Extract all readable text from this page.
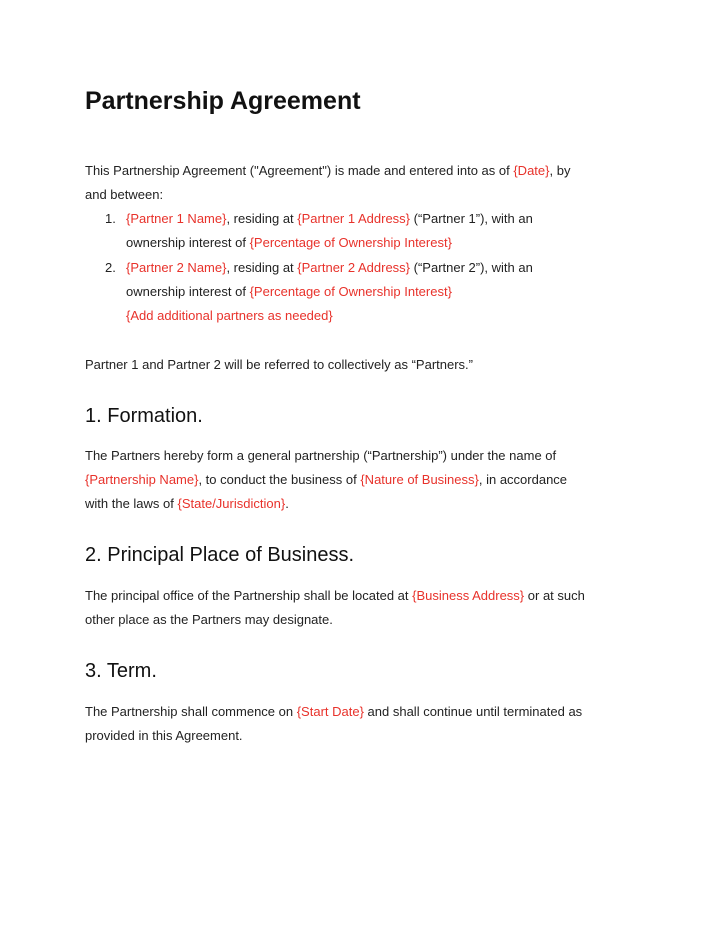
Partnership Agreement
This Partnership Agreement ("Agreement") is made and entered into as of {Date}, by
and between:
1. {Partner 1 Name}, residing at {Partner 1 Address} (“Partner 1”), with an
ownership interest of {Percentage of Ownership Interest}
2. {Partner 2 Name}, residing at {Partner 2 Address} (“Partner 2”), with an
ownership interest of {Percentage of Ownership Interest}
{Add additional partners as needed}
Partner 1 and Partner 2 will be referred to collectively as “Partners.”
1. Formation.
The Partners hereby form a general partnership (“Partnership”) under the name of
{Partnership Name}, to conduct the business of {Nature of Business}, in accordance
with the laws of {State/Jurisdiction}.
2. Principal Place of Business.
The principal office of the Partnership shall be located at {Business Address} or at such
other place as the Partners may designate.
3. Term.
The Partnership shall commence on {Start Date} and shall continue until terminated as
provided in this Agreement.
